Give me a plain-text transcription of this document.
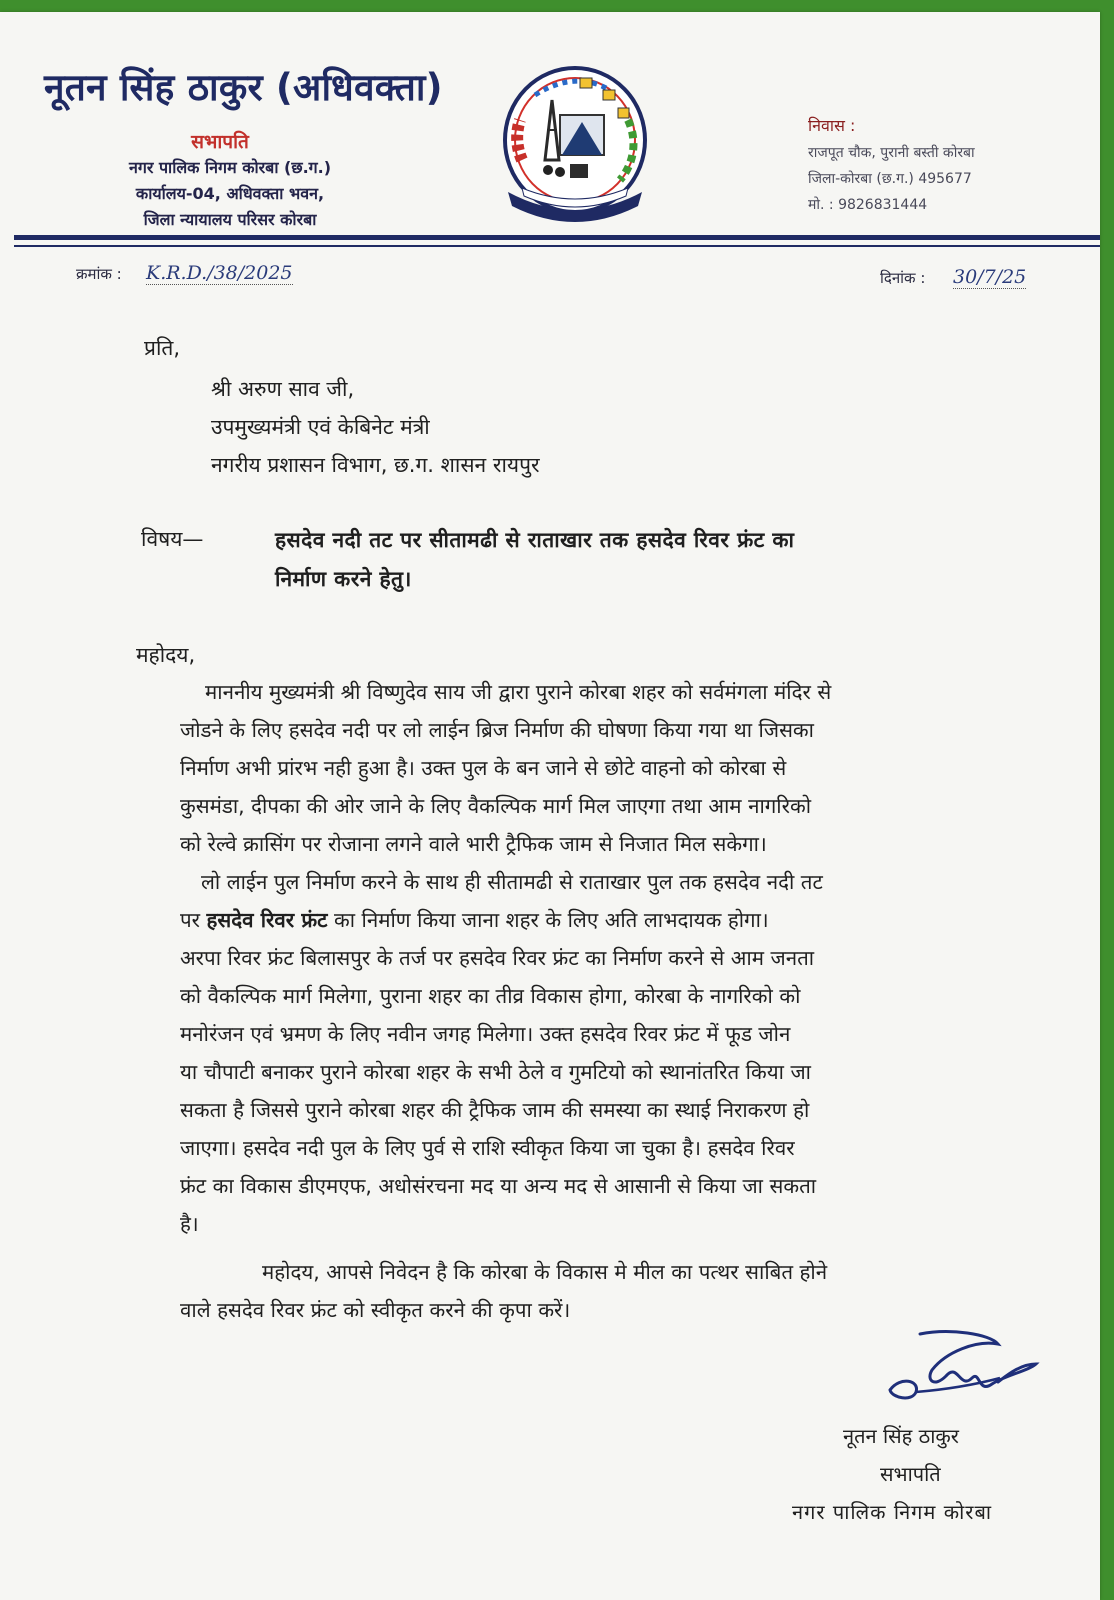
नूतन सिंह ठाकुर (अधिवक्ता)
सभापति
नगर पालिक निगम कोरबा (छ.ग.)
कार्यालय-04, अधिवक्ता भवन,
जिला न्यायालय परिसर कोरबा
निवास :
राजपूत चौक, पुरानी बस्ती कोरबा
जिला-कोरबा (छ.ग.) 495677
मो. : 9826831444
क्रमांक : K.R.D./38/2025	दिनांक : 30/7/25
प्रति,
श्री अरुण साव जी,
उपमुख्यमंत्री एवं केबिनेट मंत्री
नगरीय प्रशासन विभाग, छ.ग. शासन रायपुर
विषय—	हसदेव नदी तट पर सीतामढी से राताखार तक हसदेव रिवर फ्रंट का
निर्माण करने हेतु।
महोदय,
माननीय मुख्यमंत्री श्री विष्णुदेव साय जी द्वारा पुराने कोरबा शहर को सर्वमंगला मंदिर से
जोडने के लिए हसदेव नदी पर लो लाईन ब्रिज निर्माण की घोषणा किया गया था जिसका
निर्माण अभी प्रांरभ नही हुआ है। उक्त पुल के बन जाने से छोटे वाहनो को कोरबा से
कुसमंडा, दीपका की ओर जाने के लिए वैकल्पिक मार्ग मिल जाएगा तथा आम नागरिको
को रेल्वे क्रासिंग पर रोजाना लगने वाले भारी ट्रैफिक जाम से निजात मिल सकेगा।
लो लाईन पुल निर्माण करने के साथ ही सीतामढी से राताखार पुल तक हसदेव नदी तट
पर हसदेव रिवर फ्रंट का निर्माण किया जाना शहर के लिए अति लाभदायक होगा।
अरपा रिवर फ्रंट बिलासपुर के तर्ज पर हसदेव रिवर फ्रंट का निर्माण करने से आम जनता
को वैकल्पिक मार्ग मिलेगा, पुराना शहर का तीव्र विकास होगा, कोरबा के नागरिको को
मनोरंजन एवं भ्रमण के लिए नवीन जगह मिलेगा। उक्त हसदेव रिवर फ्रंट में फूड जोन
या चौपाटी बनाकर पुराने कोरबा शहर के सभी ठेले व गुमटियो को स्थानांतरित किया जा
सकता है जिससे पुराने कोरबा शहर की ट्रैफिक जाम की समस्या का स्थाई निराकरण हो
जाएगा। हसदेव नदी पुल के लिए पुर्व से राशि स्वीकृत किया जा चुका है। हसदेव रिवर
फ्रंट का विकास डीएमएफ, अधोसंरचना मद या अन्य मद से आसानी से किया जा सकता
है।
महोदय, आपसे निवेदन है कि कोरबा के विकास मे मील का पत्थर साबित होने
वाले हसदेव रिवर फ्रंट को स्वीकृत करने की कृपा करें।
नूतन सिंह ठाकुर
सभापति
नगर पालिक निगम कोरबा
